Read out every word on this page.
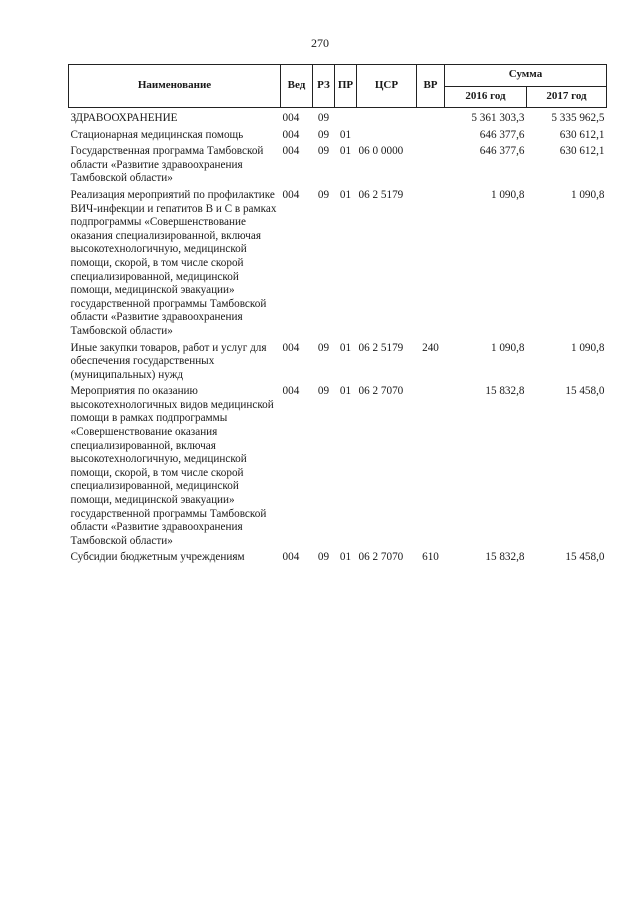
270
Наименование	Вед	РЗ	ПР	ЦСР	ВР	Сумма	
						2016 год	2017 год
ЗДРАВООХРАНЕНИЕ	004	09				5 361 303,3	5 335 962,5
Стационарная медицинская помощь	004	09	01			646 377,6	630 612,1
Государственная программа Тамбовской области «Развитие здравоохранения Тамбовской области»	004	09	01	06 0 0000		646 377,6	630 612,1
Реализация мероприятий по профилактике ВИЧ-инфекции и гепатитов В и С в рамках подпрограммы «Совершенствование оказания специализированной, включая высокотехнологичную, медицинской помощи, скорой, в том числе скорой специализированной, медицинской помощи, медицинской эвакуации» государственной программы Тамбовской области «Развитие здравоохранения Тамбовской области»	004	09	01	06 2 5179		1 090,8	1 090,8
Иные закупки товаров, работ и услуг для обеспечения государственных (муниципальных) нужд	004	09	01	06 2 5179	240	1 090,8	1 090,8
Мероприятия по оказанию высокотехнологичных видов медицинской помощи в рамках подпрограммы «Совершенствование оказания специализированной, включая высокотехнологичную, медицинской помощи, скорой, в том числе скорой специализированной, медицинской помощи, медицинской эвакуации» государственной программы Тамбовской области «Развитие здравоохранения Тамбовской области»	004	09	01	06 2 7070		15 832,8	15 458,0
Субсидии бюджетным учреждениям	004	09	01	06 2 7070	610	15 832,8	15 458,0
